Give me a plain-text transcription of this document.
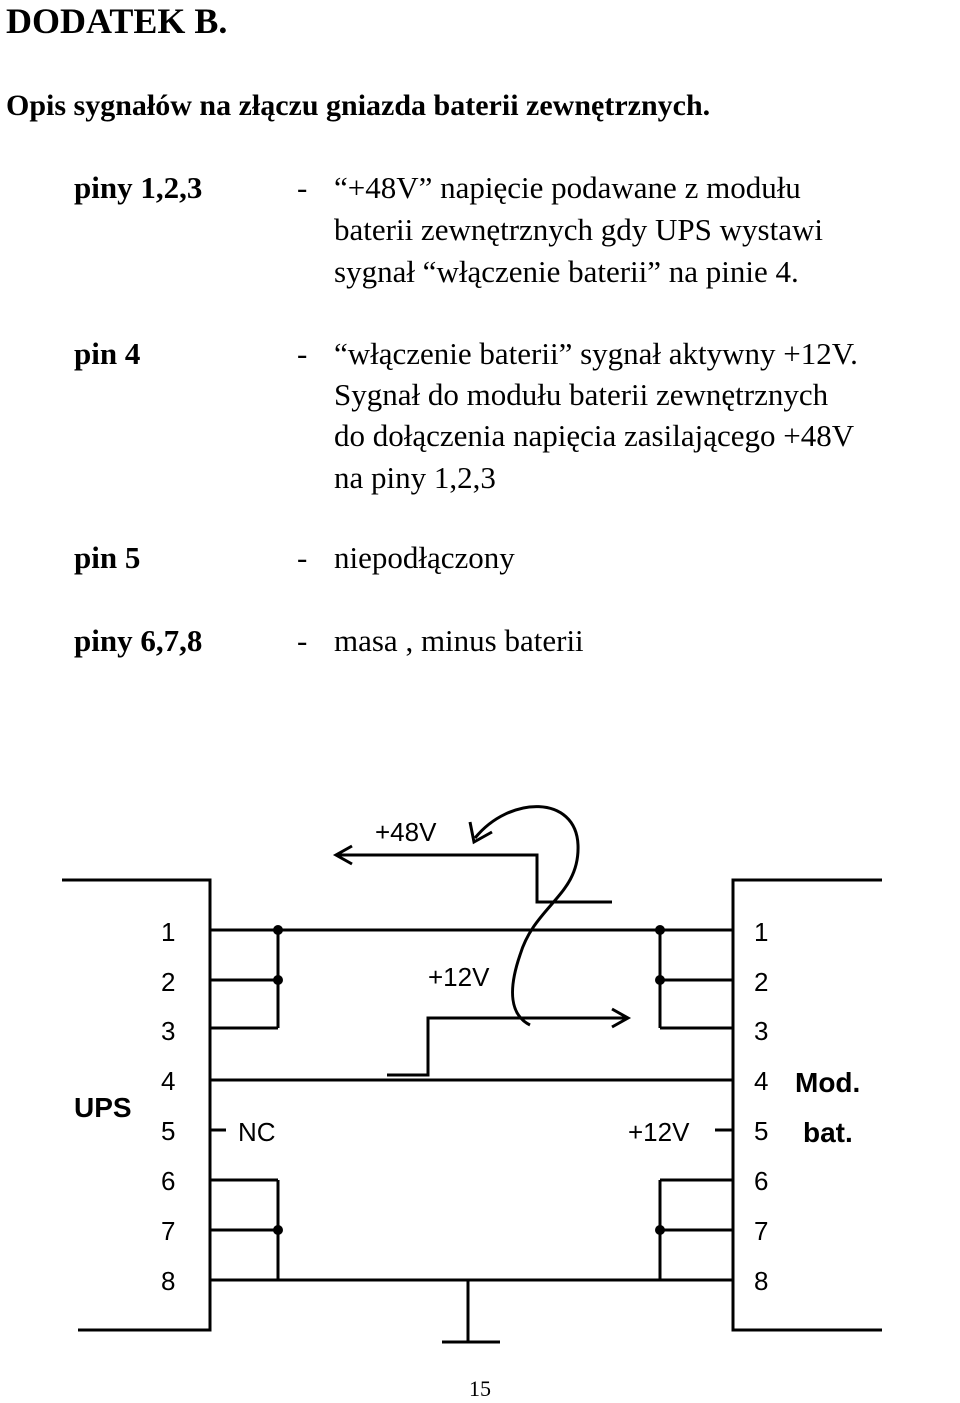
DODATEK B.
Opis sygnałów na złączu gniazda baterii zewnętrznych.
piny 1,2,3	- “+48V” napięcie podawane z modułu
baterii zewnętrznych gdy UPS wystawi
sygnał “włączenie baterii” na pinie 4.
pin 4	- “włączenie baterii” sygnał aktywny +12V.
Sygnał do modułu baterii zewnętrznych
do dołączenia napięcia zasilającego +48V
na piny 1,2,3
pin 5	- niepodłączony
piny 6,7,8	- masa , minus baterii
+48V
+12V
NC	+12V
UPS
Mod.
bat.
1
2
3
4
5
6
7
8
1
2
3
4
5
6
7
8
15
